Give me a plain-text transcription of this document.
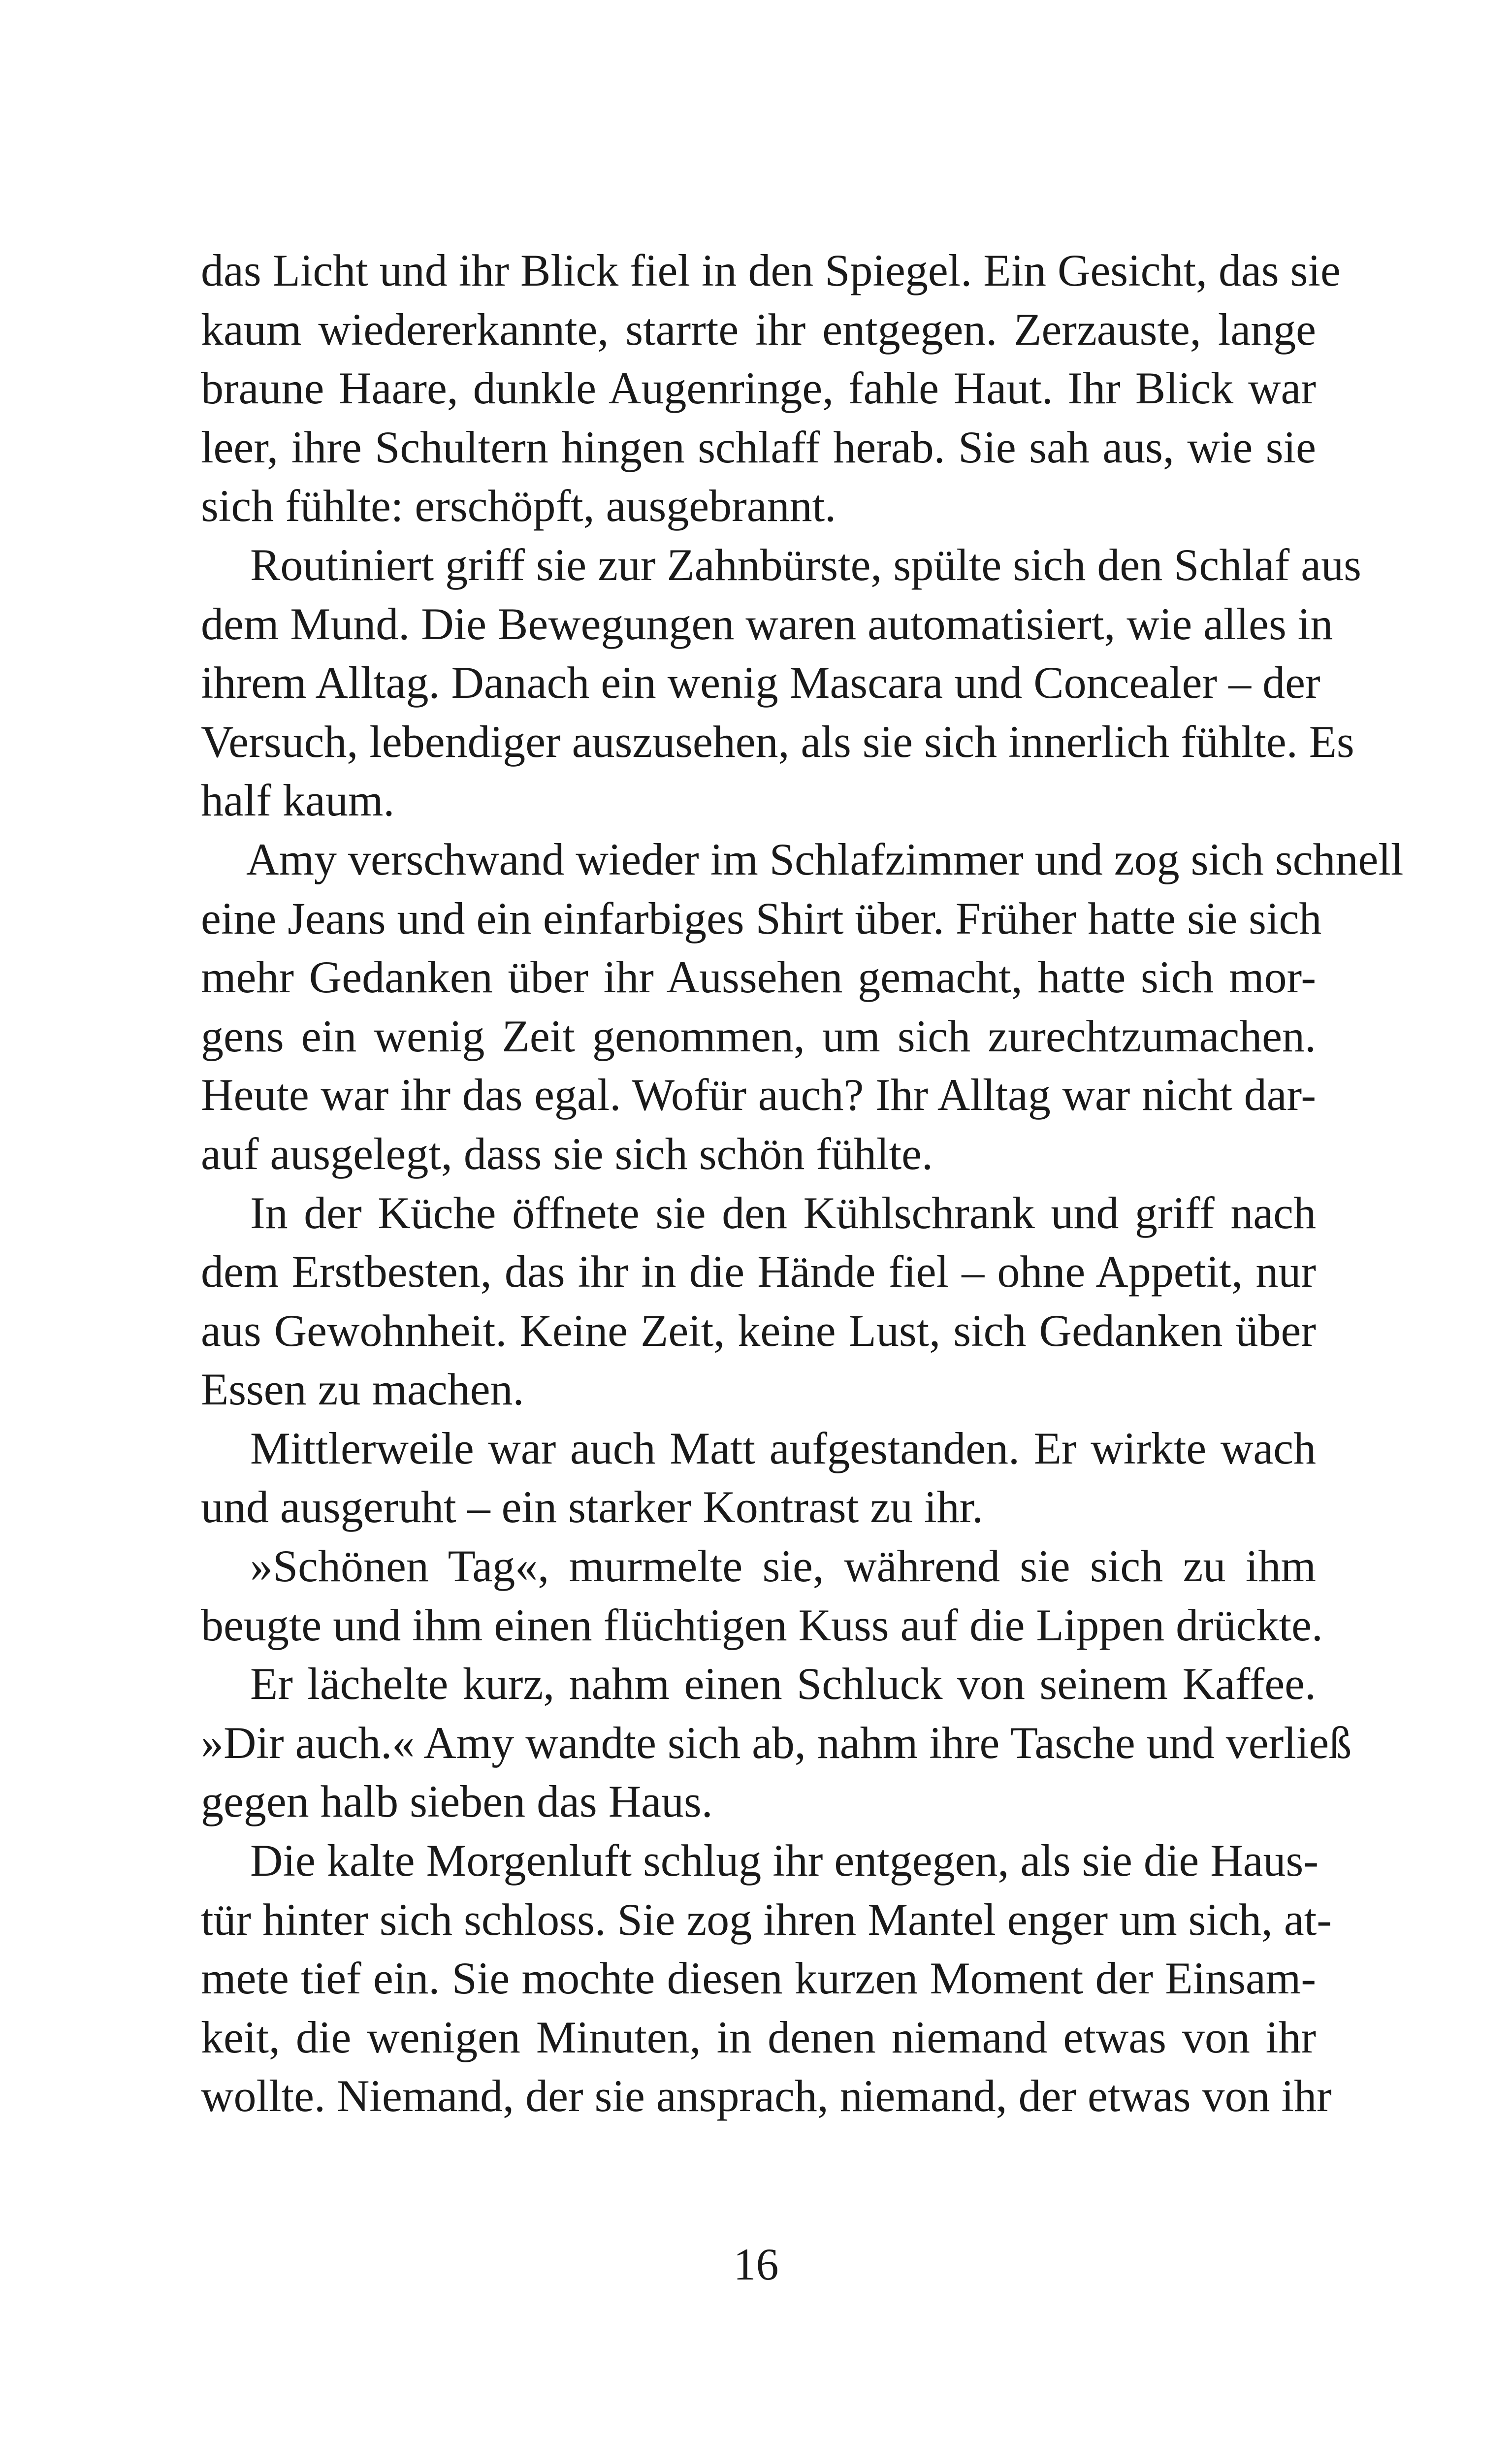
das Licht und ihr Blick fiel in den Spiegel. Ein Gesicht, das sie
kaum wiedererkannte, starrte ihr entgegen. Zerzauste, lange
braune Haare, dunkle Augenringe, fahle Haut. Ihr Blick war
leer, ihre Schultern hingen schlaff herab. Sie sah aus, wie sie
sich fühlte: erschöpft, ausgebrannt.
Routiniert griff sie zur Zahnbürste, spülte sich den Schlaf aus
dem Mund. Die Bewegungen waren automatisiert, wie alles in
ihrem Alltag. Danach ein wenig Mascara und Concealer – der
Versuch, lebendiger auszusehen, als sie sich innerlich fühlte. Es
half kaum.
Amy verschwand wieder im Schlafzimmer und zog sich schnell
eine Jeans und ein einfarbiges Shirt über. Früher hatte sie sich
mehr Gedanken über ihr Aussehen gemacht, hatte sich mor-
gens ein wenig Zeit genommen, um sich zurechtzumachen.
Heute war ihr das egal. Wofür auch? Ihr Alltag war nicht dar-
auf ausgelegt, dass sie sich schön fühlte.
In der Küche öffnete sie den Kühlschrank und griff nach
dem Erstbesten, das ihr in die Hände fiel – ohne Appetit, nur
aus Gewohnheit. Keine Zeit, keine Lust, sich Gedanken über
Essen zu machen.
Mittlerweile war auch Matt aufgestanden. Er wirkte wach
und ausgeruht – ein starker Kontrast zu ihr.
»Schönen Tag«, murmelte sie, während sie sich zu ihm
beugte und ihm einen flüchtigen Kuss auf die Lippen drückte.
Er lächelte kurz, nahm einen Schluck von seinem Kaffee.
»Dir auch.« Amy wandte sich ab, nahm ihre Tasche und verließ
gegen halb sieben das Haus.
Die kalte Morgenluft schlug ihr entgegen, als sie die Haus-
tür hinter sich schloss. Sie zog ihren Mantel enger um sich, at-
mete tief ein. Sie mochte diesen kurzen Moment der Einsam-
keit, die wenigen Minuten, in denen niemand etwas von ihr
wollte. Niemand, der sie ansprach, niemand, der etwas von ihr
16
